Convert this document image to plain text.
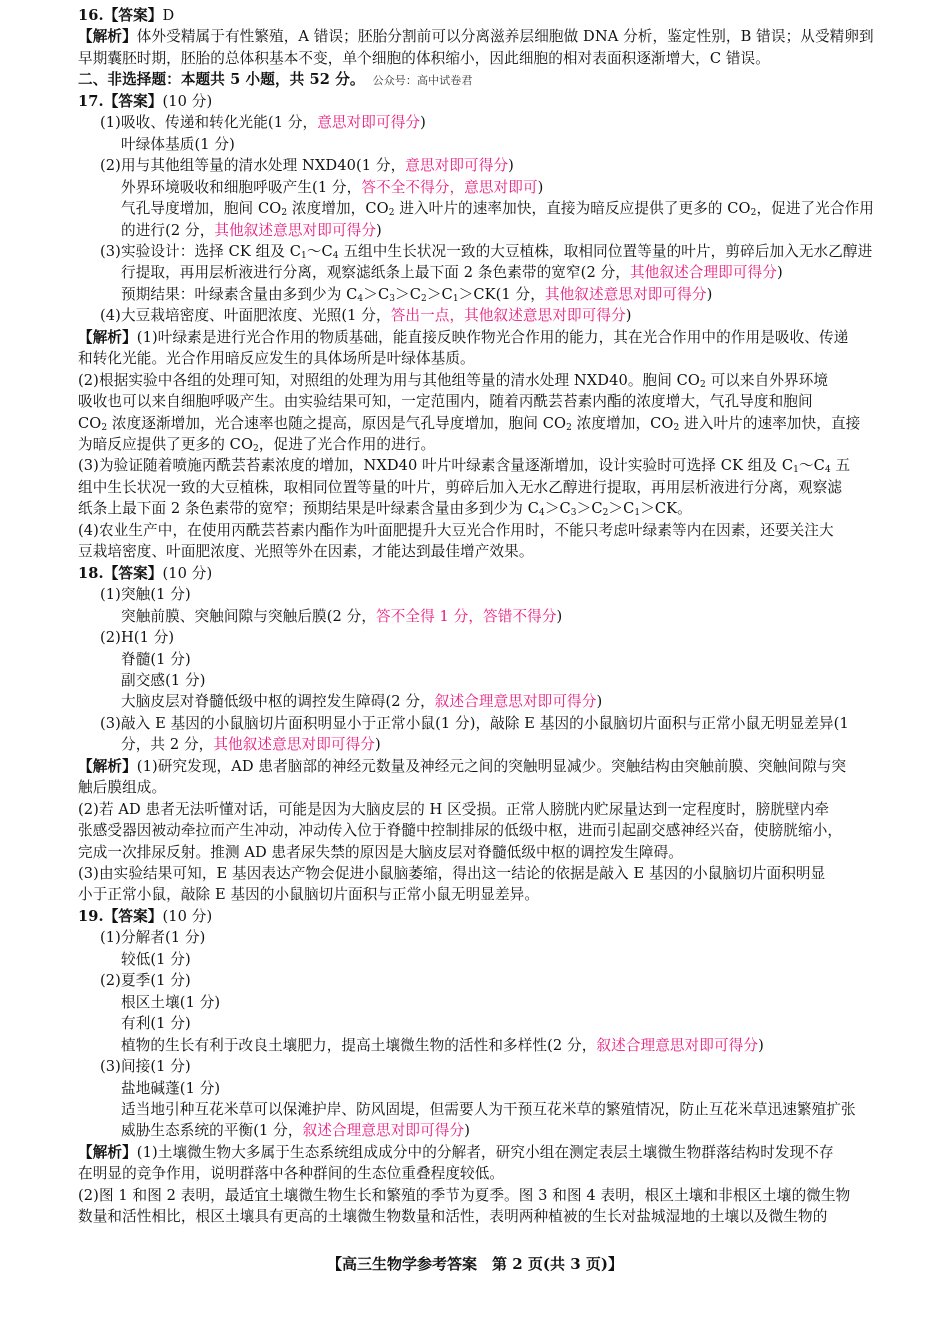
16.【答案】D
【解析】体外受精属于有性繁殖，A 错误；胚胎分割前可以分离滋养层细胞做 DNA 分析，鉴定性别，B 错误；从受精卵到
早期囊胚时期，胚胎的总体积基本不变，单个细胞的体积缩小，因此细胞的相对表面积逐渐增大，C 错误。
二、非选择题：本题共 5 小题，共 52 分。 公众号：高中试卷君
17.【答案】(10 分)
(1)吸收、传递和转化光能(1 分，意思对即可得分)
叶绿体基质(1 分)
(2)用与其他组等量的清水处理 NXD40(1 分，意思对即可得分)
外界环境吸收和细胞呼吸产生(1 分，答不全不得分，意思对即可)
气孔导度增加，胞间 $CO_2$ 浓度增加，$CO_2$ 进入叶片的速率加快，直接为暗反应提供了更多的 $CO_2$，促进了光合作用
的进行(2 分，其他叙述意思对即可得分)
(3)实验设计：选择 CK 组及 $C_1\sim C_4$ 五组中生长状况一致的大豆植株，取相同位置等量的叶片，剪碎后加入无水乙醇进
行提取，再用层析液进行分离，观察滤纸条上最下面 2 条色素带的宽窄(2 分，其他叙述合理即可得分)
预期结果：叶绿素含量由多到少为 $C_4>C_3>C_2>C_1>CK(1$ 分，其他叙述意思对即可得分)
(4)大豆栽培密度、叶面肥浓度、光照(1 分，答出一点，其他叙述意思对即可得分)
【解析】(1)叶绿素是进行光合作用的物质基础，能直接反映作物光合作用的能力，其在光合作用中的作用是吸收、传递
和转化光能。光合作用暗反应发生的具体场所是叶绿体基质。
(2)根据实验中各组的处理可知，对照组的处理为用与其他组等量的清水处理 NXD40。胞间 $CO_2$ 可以来自外界环境
吸收也可以来自细胞呼吸产生。由实验结果可知，一定范围内，随着丙酰芸苔素内酯的浓度增大，气孔导度和胞间
$CO_2$ 浓度逐渐增加，光合速率也随之提高，原因是气孔导度增加，胞间 $CO_2$ 浓度增加，$CO_2$ 进入叶片的速率加快，直接
为暗反应提供了更多的 $CO_2$，促进了光合作用的进行。
(3)为验证随着喷施丙酰芸苔素浓度的增加，NXD40 叶片叶绿素含量逐渐增加，设计实验时可选择 CK 组及 $C_1\sim C_4$ 五
组中生长状况一致的大豆植株，取相同位置等量的叶片，剪碎后加入无水乙醇进行提取，再用层析液进行分离，观察滤
纸条上最下面 2 条色素带的宽窄；预期结果是叶绿素含量由多到少为 $C_4>C_3>C_2>C_1>CK$。
(4)农业生产中，在使用丙酰芸苔素内酯作为叶面肥提升大豆光合作用时，不能只考虑叶绿素等内在因素，还要关注大
豆栽培密度、叶面肥浓度、光照等外在因素，才能达到最佳增产效果。
18.【答案】(10 分)
(1)突触(1 分)
突触前膜、突触间隙与突触后膜(2 分，答不全得 1 分，答错不得分)
(2)H(1 分)
脊髓(1 分)
副交感(1 分)
大脑皮层对脊髓低级中枢的调控发生障碍(2 分，叙述合理意思对即可得分)
(3)敲入 E 基因的小鼠脑切片面积明显小于正常小鼠(1 分)，敲除 E 基因的小鼠脑切片面积与正常小鼠无明显差异(1
分，共 2 分，其他叙述意思对即可得分)
【解析】(1)研究发现，AD 患者脑部的神经元数量及神经元之间的突触明显减少。突触结构由突触前膜、突触间隙与突
触后膜组成。
(2)若 AD 患者无法听懂对话，可能是因为大脑皮层的 H 区受损。正常人膀胱内贮尿量达到一定程度时，膀胱壁内牵
张感受器因被动牵拉而产生冲动，冲动传入位于脊髓中控制排尿的低级中枢，进而引起副交感神经兴奋，使膀胱缩小，
完成一次排尿反射。推测 AD 患者尿失禁的原因是大脑皮层对脊髓低级中枢的调控发生障碍。
(3)由实验结果可知，E 基因表达产物会促进小鼠脑萎缩，得出这一结论的依据是敲入 E 基因的小鼠脑切片面积明显
小于正常小鼠，敲除 E 基因的小鼠脑切片面积与正常小鼠无明显差异。
19.【答案】(10 分)
(1)分解者(1 分)
较低(1 分)
(2)夏季(1 分)
根区土壤(1 分)
有利(1 分)
植物的生长有利于改良土壤肥力，提高土壤微生物的活性和多样性(2 分，叙述合理意思对即可得分)
(3)间接(1 分)
盐地碱蓬(1 分)
适当地引种互花米草可以保滩护岸、防风固堤，但需要人为干预互花米草的繁殖情况，防止互花米草迅速繁殖扩张
威胁生态系统的平衡(1 分，叙述合理意思对即可得分)
【解析】(1)土壤微生物大多属于生态系统组成成分中的分解者，研究小组在测定表层土壤微生物群落结构时发现不存
在明显的竞争作用，说明群落中各种群间的生态位重叠程度较低。
(2)图 1 和图 2 表明，最适宜土壤微生物生长和繁殖的季节为夏季。图 3 和图 4 表明，根区土壤和非根区土壤的微生物
数量和活性相比，根区土壤具有更高的土壤微生物数量和活性，表明两种植被的生长对盐城湿地的土壤以及微生物的
【高三生物学参考答案　第 2 页(共 3 页)】
